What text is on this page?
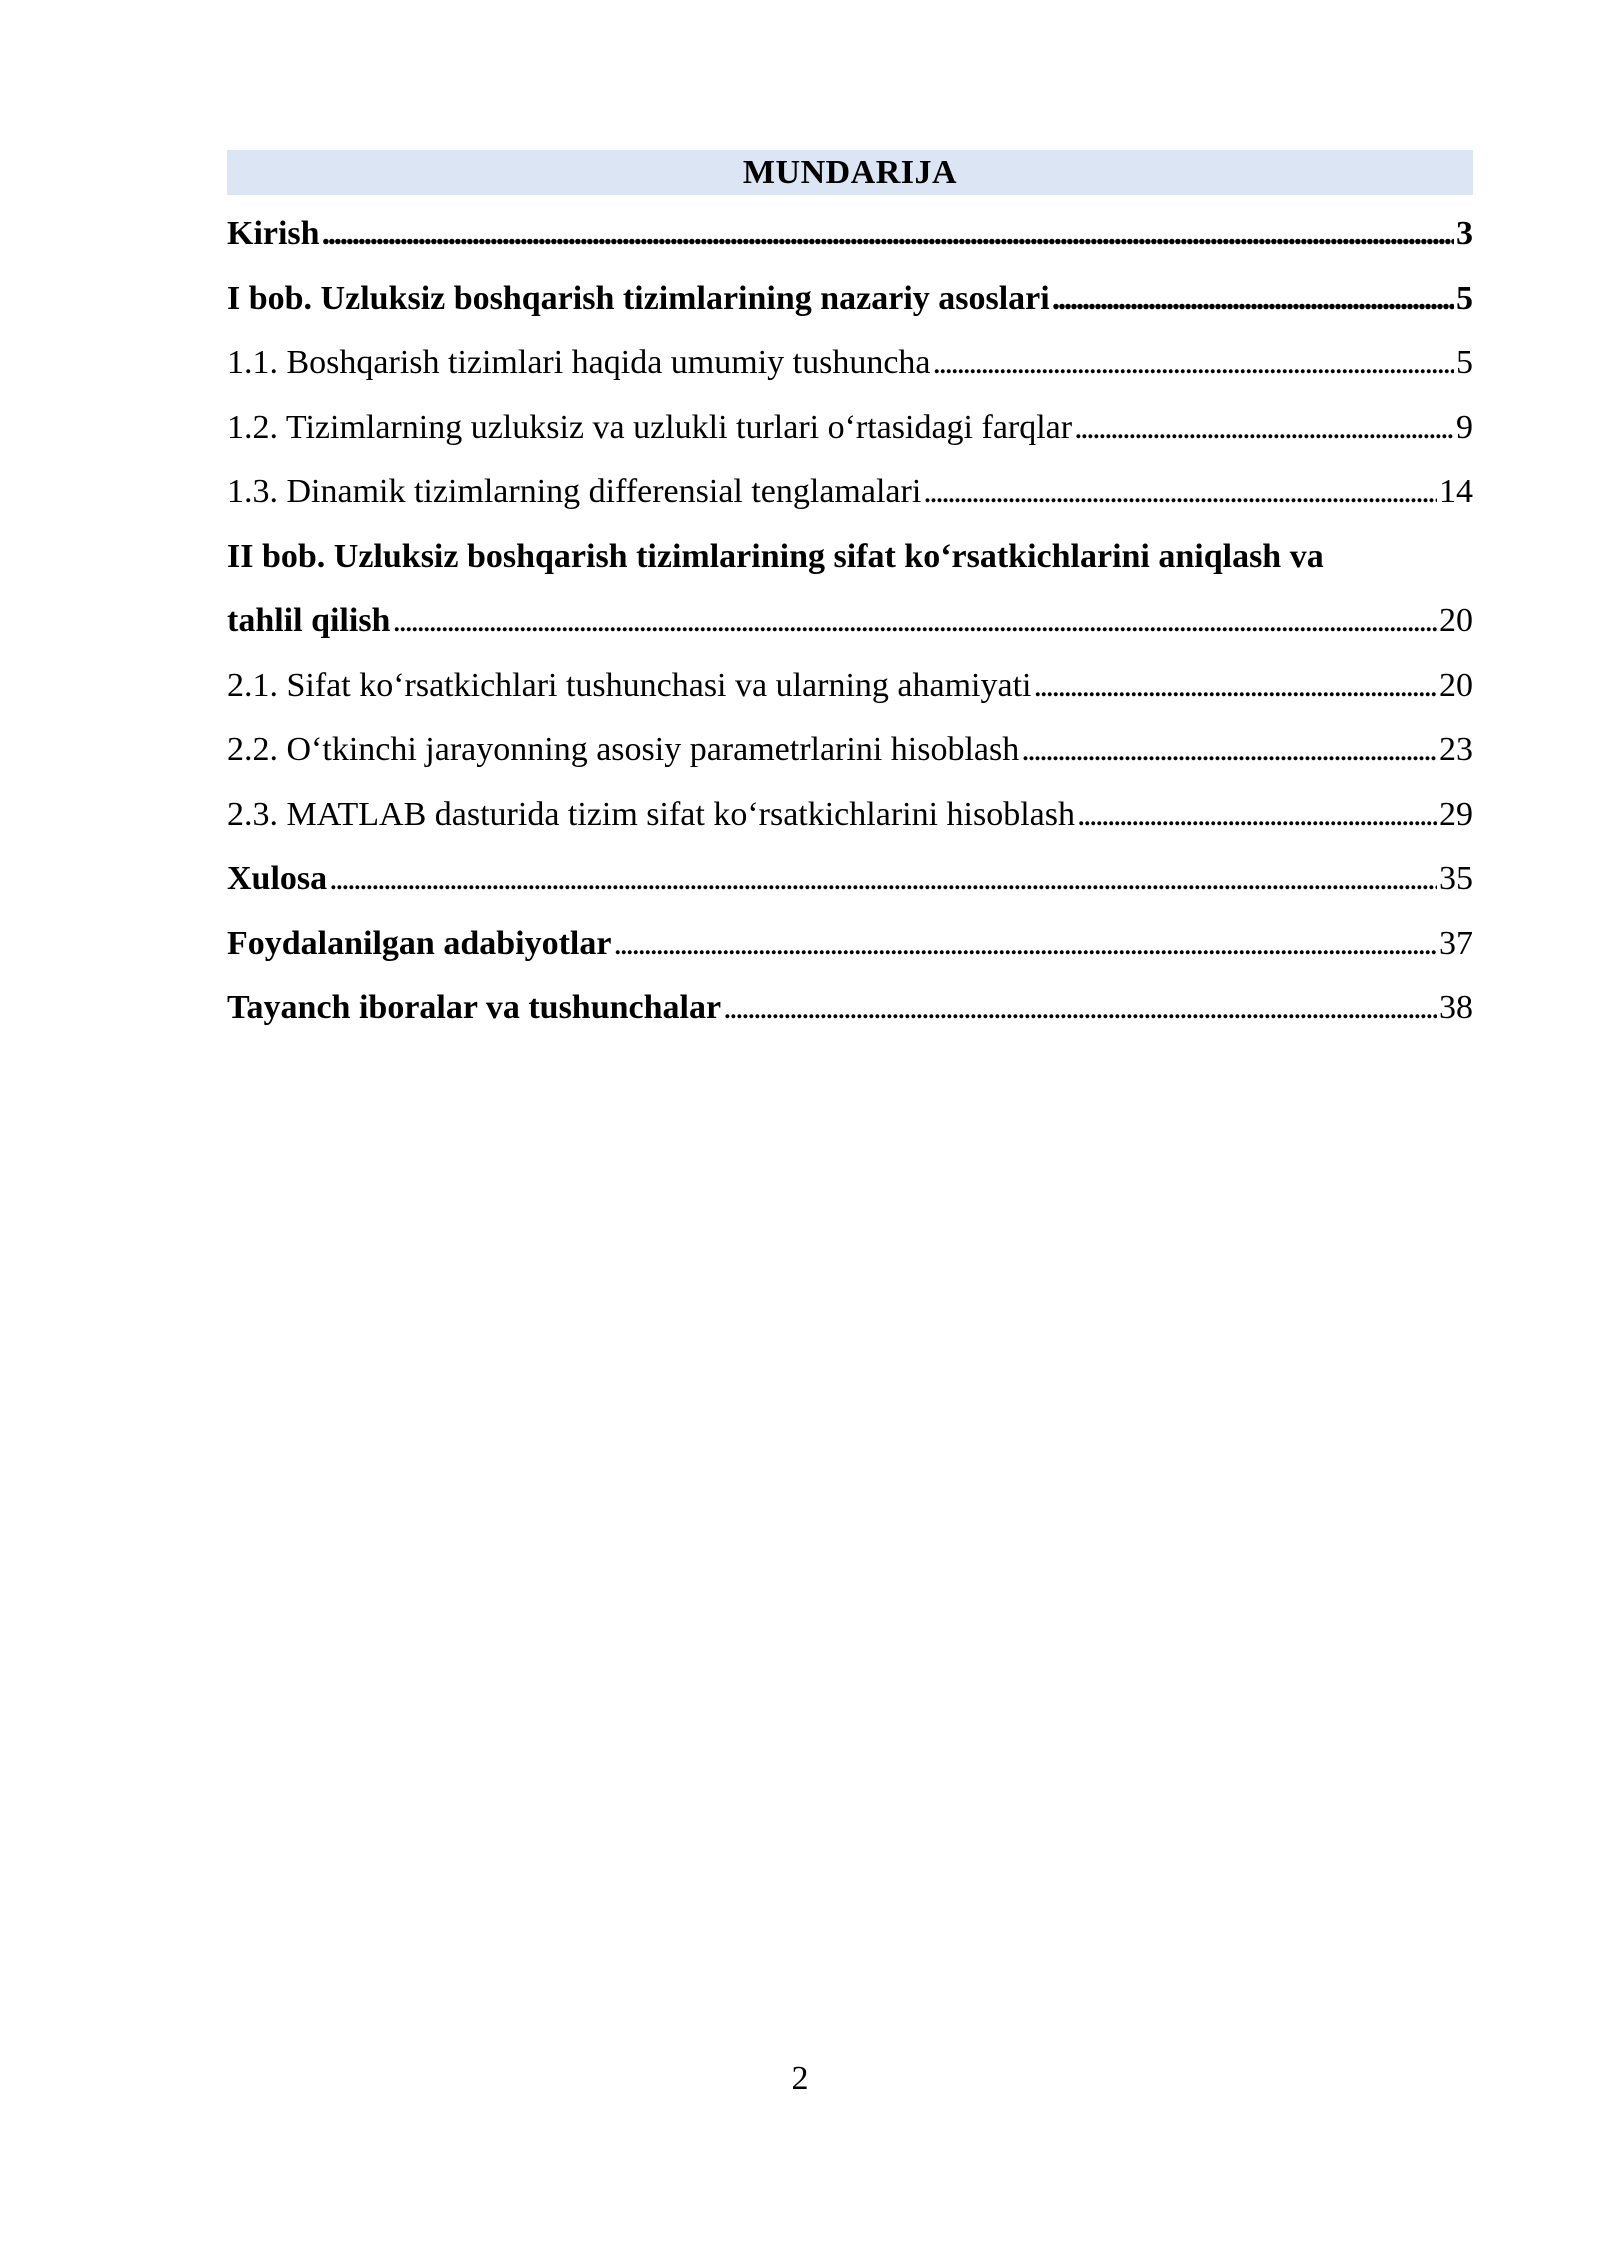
MUNDARIJA
Kirish . . .	3
I bob. Uzluksiz boshqarish tizimlarining nazariy asoslari . . .	5
1.1. Boshqarish tizimlari haqida umumiy tushuncha . . .	5
1.2. Tizimlarning uzluksiz va uzlukli turlari o‘rtasidagi farqlar . . .	9
1.3. Dinamik tizimlarning differensial tenglamalari . . .	14
II bob. Uzluksiz boshqarish tizimlarining sifat ko‘rsatkichlarini aniqlash va
tahlil qilish . . .	20
2.1. Sifat ko‘rsatkichlari tushunchasi va ularning ahamiyati . . .	20
2.2. O‘tkinchi jarayonning asosiy parametrlarini hisoblash . . .	23
2.3. MATLAB dasturida tizim sifat ko‘rsatkichlarini hisoblash . . .	29
Xulosa . . .	35
Foydalanilgan adabiyotlar . . .	37
Tayanch iboralar va tushunchalar . . .	38
2
